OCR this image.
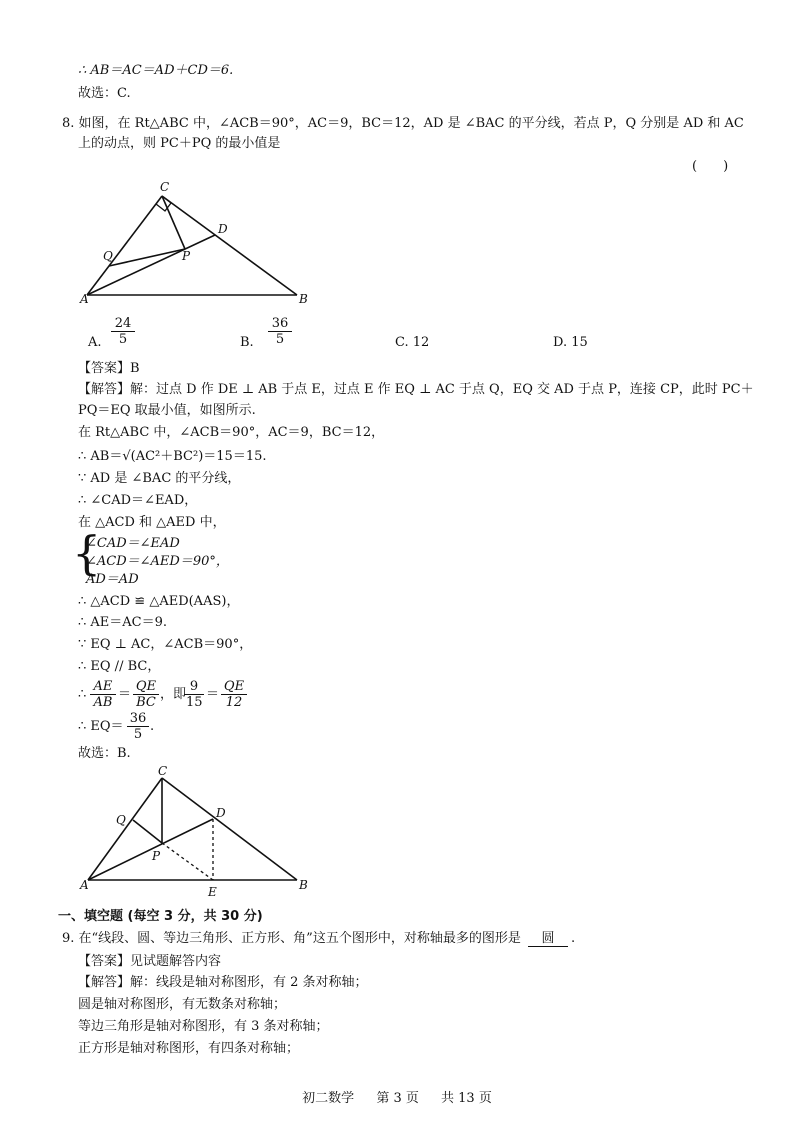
∴ AB＝AC＝AD＋CD＝6.
故选：C.
8. 如图，在 Rt△ABC 中，∠ACB＝90°，AC＝9，BC＝12，AD 是 ∠BAC 的平分线，若点 P，Q 分别是 AD 和 AC
上的动点，则 PC＋PQ 的最小值是
(　　)
C
D
Q	P
A	B
A. $\frac{24}{5}$	B. $\frac{36}{5}$	C. 12	D. 15
【答案】B
【解答】解：过点 D 作 DE ⊥ AB 于点 E，过点 E 作 EQ ⊥ AC 于点 Q，EQ 交 AD 于点 P，连接 CP，此时 PC＋
PQ＝EQ 取最小值，如图所示.
在 Rt△ABC 中，∠ACB＝90°，AC＝9，BC＝12，
∴ AB＝√(AC²＋BC²)＝15＝15.
∵ AD 是 ∠BAC 的平分线，
∴ ∠CAD＝∠EAD，
在 △ACD 和 △AED 中，
{
∠CAD＝∠EAD
∠ACD＝∠AED＝90°，
AD＝AD
∴ △ACD ≌ △AED(AAS)，
∴ AE＝AC＝9.
∵ EQ ⊥ AC，∠ACB＝90°，
∴ EQ // BC，
∴ $\frac{AE}{AB} = \frac{QE}{BC}$ ，即
$\frac{9}{15} = \frac{QE}{12}$
∴ $EQ= \frac{36}{5}$ .
故选：B.
C
D
Q
P
A	E	B
一、填空题 (每空 3 分，共 30 分)
9. 在“线段、圆、等边三角形、正方形、角”这五个图形中，对称轴最多的图形是 圆 .
【答案】见试题解答内容
【解答】解：线段是轴对称图形，有 2 条对称轴；
圆是轴对称图形，有无数条对称轴；
等边三角形是轴对称图形，有 3 条对称轴；
正方形是轴对称图形，有四条对称轴；
初二数学 第 3 页 共 13 页
